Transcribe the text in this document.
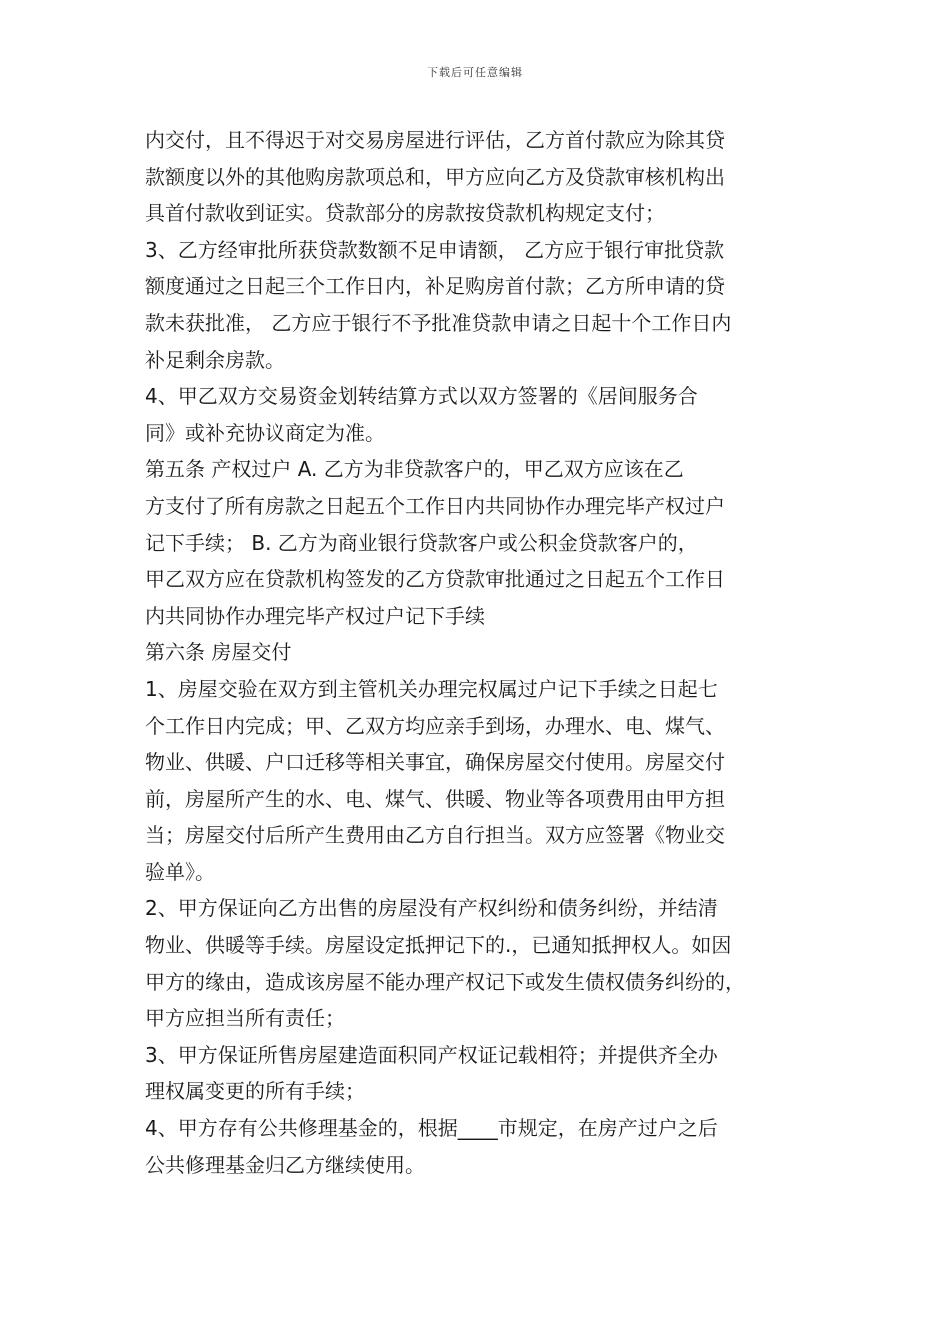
下载后可任意编辑
内交付，且不得迟于对交易房屋进行评估，乙方首付款应为除其贷
款额度以外的其他购房款项总和，甲方应向乙方及贷款审核机构出
具首付款收到证实。贷款部分的房款按贷款机构规定支付；
3、乙方经审批所获贷款数额不足申请额， 乙方应于银行审批贷款
额度通过之日起三个工作日内，补足购房首付款；乙方所申请的贷
款未获批准， 乙方应于银行不予批准贷款申请之日起十个工作日内
补足剩余房款。
4、甲乙双方交易资金划转结算方式以双方签署的《居间服务合
同》或补充协议商定为准。
第五条 产权过户 A. 乙方为非贷款客户的，甲乙双方应该在乙
方支付了所有房款之日起五个工作日内共同协作办理完毕产权过户
记下手续； B. 乙方为商业银行贷款客户或公积金贷款客户的，
甲乙双方应在贷款机构签发的乙方贷款审批通过之日起五个工作日
内共同协作办理完毕产权过户记下手续
第六条 房屋交付
1、房屋交验在双方到主管机关办理完权属过户记下手续之日起七
个工作日内完成；甲、乙双方均应亲手到场，办理水、电、煤气、
物业、供暖、户口迁移等相关事宜，确保房屋交付使用。房屋交付
前，房屋所产生的水、电、煤气、供暖、物业等各项费用由甲方担
当；房屋交付后所产生费用由乙方自行担当。双方应签署《物业交
验单》。
2、甲方保证向乙方出售的房屋没有产权纠纷和债务纠纷，并结清
物业、供暖等手续。房屋设定抵押记下的.，已通知抵押权人。如因
甲方的缘由，造成该房屋不能办理产权记下或发生债权债务纠纷的，
甲方应担当所有责任；
3、甲方保证所售房屋建造面积同产权证记载相符；并提供齐全办
理权属变更的所有手续；
4、甲方存有公共修理基金的，根据____市规定，在房产过户之后
公共修理基金归乙方继续使用。
